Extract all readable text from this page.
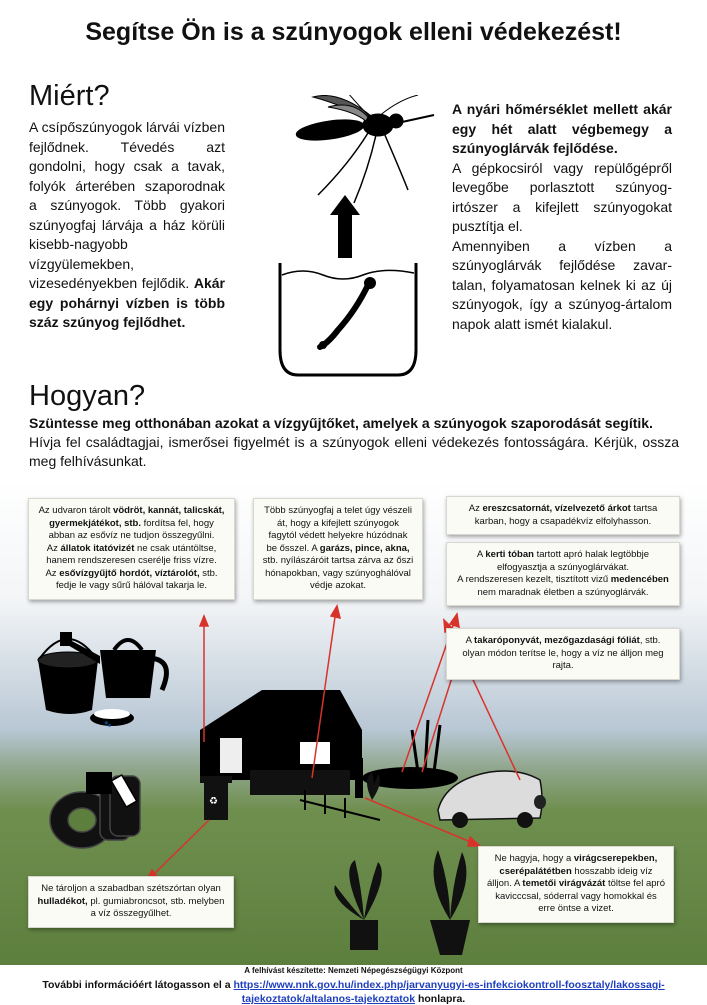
Segítse Ön is a szúnyogok elleni védekezést!
Miért?

A csípőszúnyogok lárvái vízben fejlődnek. Tévedés azt gondolni, hogy csak a tavak, folyók árterében szaporodnak a szúnyogok. Több gyakori szúnyogfaj lárvája a ház körüli kisebb-nagyobb vízgyülemekben, vizesedényekben fejlődik. Akár egy pohárnyi vízben is több száz szúnyog fejlődhet.

A nyári hőmérséklet mellett akár egy hét alatt végbemegy a szúnyoglárvák fejlődése.

A gépkocsiról vagy repülőgépről levegőbe porlasztott szúnyog-irtószer a kifejlett szúnyogokat pusztítja el.

Amennyiben a vízben a szúnyoglárvák fejlődése zavar-talan, folyamatosan kelnek ki az új szúnyogok, így a szúnyog-ártalom napok alatt ismét kialakul.

Hogyan?
Szüntesse meg otthonában azokat a vízgyűjtőket, amelyek a szúnyogok szaporodását segítik.
Hívja fel családtagjai, ismerősei figyelmét is a szúnyogok elleni védekezés fontosságára. Kérjük, ossza meg felhívásunkat.
🐾
♻

Az udvaron tárolt vödröt, kannát, talicskát, gyermekjátékot, stb. fordítsa fel, hogy abban az esővíz ne tudjon összegyűlni.

Az állatok itatóvizét ne csak utántöltse, hanem rendszeresen cserélje friss vízre.

Az esővízgyűjtő hordót, víztárolót, stb. fedje le vagy sűrű hálóval takarja le.

Több szúnyogfaj a telet úgy vészeli át, hogy a kifejlett szúnyogok fagytól védett helyekre húzódnak be ősszel. A garázs, pince, akna, stb. nyílászáróit tartsa zárva az őszi hónapokban, vagy szúnyoghálóval védje azokat.

Az ereszcsatornát, vízelvezető árkot tartsa karban, hogy a csapadékvíz elfolyhasson.

A kerti tóban tartott apró halak legtöbbje elfogyasztja a szúnyoglárvákat.

A rendszeresen kezelt, tisztított vizű medencében nem maradnak életben a szúnyoglárvák.

A takaróponyvát, mezőgazdasági fóliát, stb. olyan módon terítse le, hogy a víz ne álljon meg rajta.

Ne hagyja, hogy a virágcserepekben, cserépalátétben hosszabb ideig víz álljon. A temetői virágvázát töltse fel apró kavicccsal, sóderral vagy homokkal és erre öntse a vizet.

Ne tároljon a szabadban szétszórtan olyan hulladékot, pl. gumiabroncsot, stb. melyben a víz összegyűlhet.

A felhívást készítette: Nemzeti Népegészségügyi Központ
További információért látogasson el a https://www.nnk.gov.hu/index.php/jarvanyugyi-es-infekciokontroll-foosztaly/lakossagi-
tajekoztatok/altalanos-tajekoztatok honlapra.
